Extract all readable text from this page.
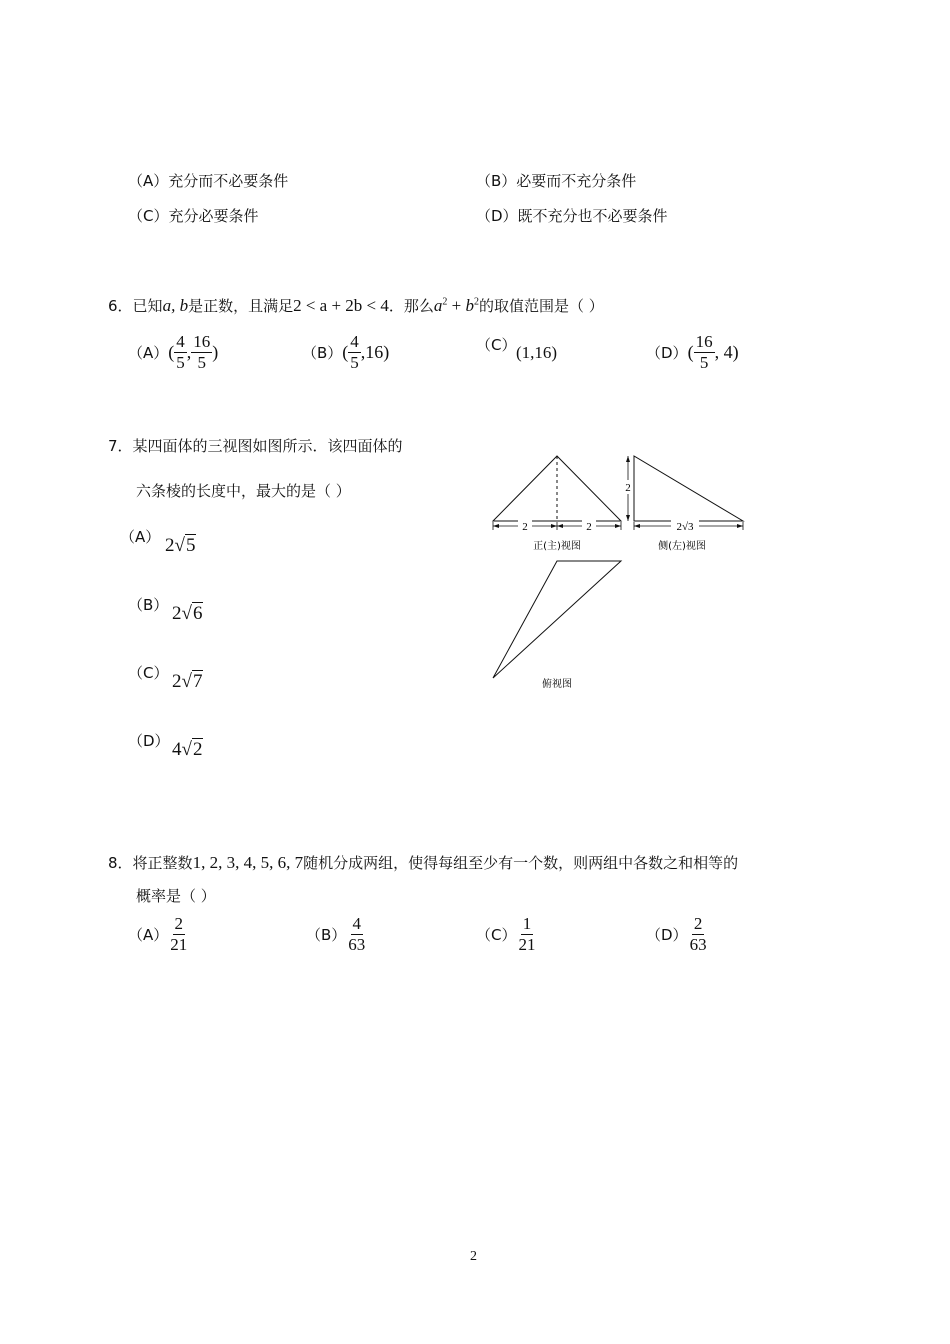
（A）充分而不必要条件	（B）必要而不充分条件
（C）充分必要条件	（D）既不充分也不必要条件
6．已知a, b是正数，且满足2 < a + 2b < 4．那么$a^2 + b^2$的取值范围是（ ）
$(A)( \frac{4}{5}$ , $\frac{16}{5}$ )	$(B)( \frac{4}{5} ,16)$	（C） (1,16)	$(D)( \frac{16}{5}$ , 4)
7．某四面体的三视图如图所示．该四面体的
六条棱的长度中，最大的是（ ）
（A） 2√5
（B） 2√6
（C） 2√7
（D） 4√2
2	2
正(主)视图
2
2√3
侧(左)视图
俯视图
8．将正整数1, 2, 3, 4, 5, 6, 7随机分成两组，使得每组至少有一个数，则两组中各数之和相等的
概率是（ ）
$(A) \frac{2}{21}$	$(B) \frac{4}{63}$	$(C) \frac{1}{21}$	$(D) \frac{2}{63}$
2
